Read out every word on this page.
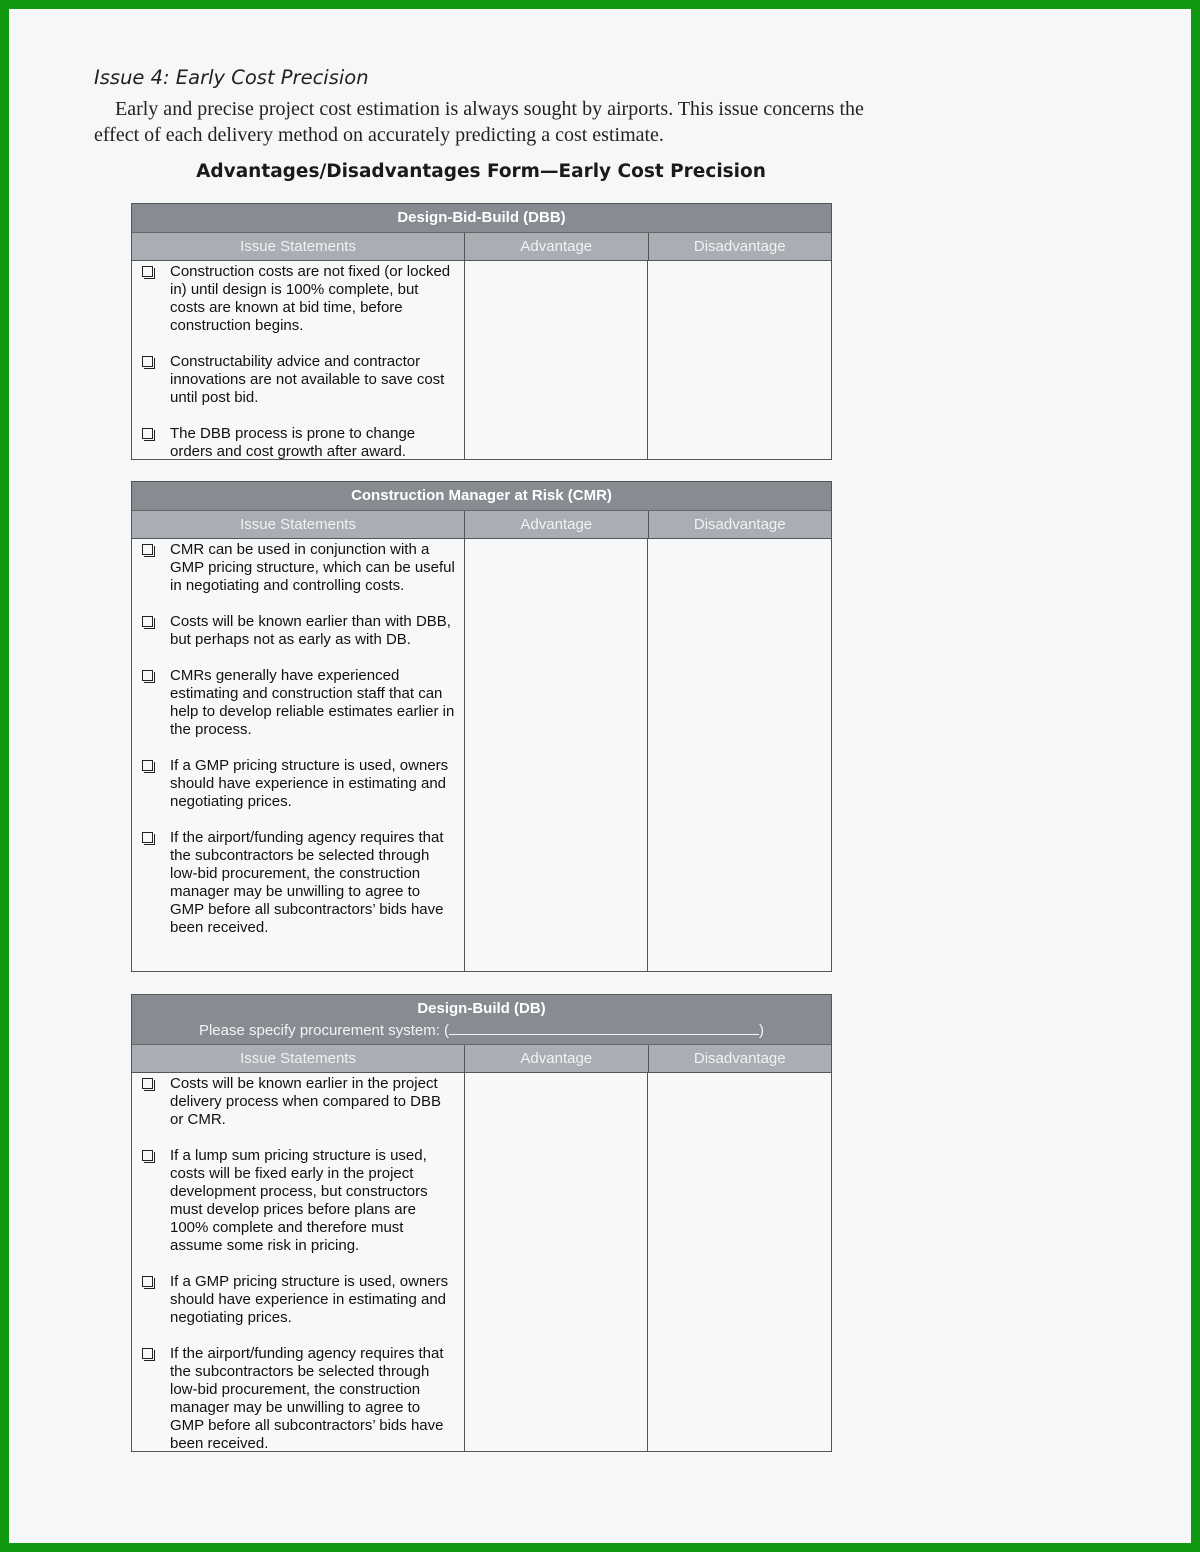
Issue 4: Early Cost Precision

Early and precise project cost estimation is always sought by airports. This issue concerns the effect of each delivery method on accurately predicting a cost estimate.

Advantages/Disadvantages Form—Early Cost Precision
Design-Bid-Build (DBB)
Issue Statements	Advantage	Disadvantage
Construction costs are not fixed (or locked in) until design is 100% complete, but costs are known at bid time, before construction begins.
Constructability advice and contractor innovations are not available to save cost until post bid.
The DBB process is prone to change orders and cost growth after award.
Construction Manager at Risk (CMR)
Issue Statements	Advantage	Disadvantage
CMR can be used in conjunction with a GMP pricing structure, which can be useful in negotiating and controlling costs.
Costs will be known earlier than with DBB, but perhaps not as early as with DB.
CMRs generally have experienced estimating and construction staff that can help to develop reliable estimates earlier in the process.
If a GMP pricing structure is used, owners should have experience in estimating and negotiating prices.
If the airport/funding agency requires that the subcontractors be selected through low-bid procurement, the construction manager may be unwilling to agree to GMP before all subcontractors’ bids have been received.
Design-Build (DB)
Please specify procurement system: (	)
Issue Statements	Advantage	Disadvantage
Costs will be known earlier in the project delivery process when compared to DBB or CMR.
If a lump sum pricing structure is used, costs will be fixed early in the project development process, but constructors must develop prices before plans are 100% complete and therefore must assume some risk in pricing.
If a GMP pricing structure is used, owners should have experience in estimating and negotiating prices.
If the airport/funding agency requires that the subcontractors be selected through low-bid procurement, the construction manager may be unwilling to agree to GMP before all subcontractors’ bids have been received.
